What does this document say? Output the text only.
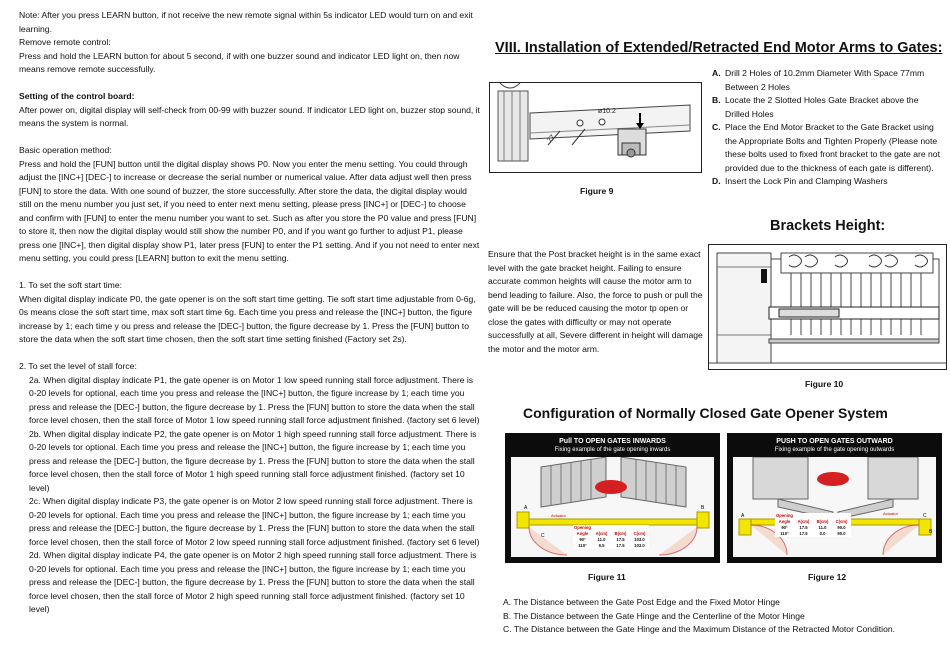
Note: After you press LEARN button, if not receive the new remote signal within 5s indicator LED would turn on and exit learning.

Remove remote control:

Press and hold the LEARN button for about 5 second, if with one buzzer sound and indicator LED light on, then now means remove remote successfully.

Setting of the control board:

After power on, digital display will self-check from 00-99 with buzzer sound. If indicator LED light on, buzzer stop sound, it means the system is normal.

Basic operation method:

Press and hold the [FUN] button until the digital display shows P0. Now you enter the menu setting. You could through adjust the [INC+] [DEC-] to increase or decrease the serial number or numerical value. After data adjust well then press [FUN] to store the data. With one sound of buzzer, the store successfully. After store the data, the digital display would still on the menu number you just set, if you need to enter next menu setting, please press [INC+] or [DEC-] to choose and confirm with [FUN] to enter the menu number you want to set. Such as after you store the P0 value and press [FUN] to store it, then now the digital display would still show the number P0, and if you want go further to adjust P1, please press one [INC+], then digital display show P1, later press [FUN] to enter the P1 setting. And if you not need to enter next menu setting, you could press [LEARN] button to exit the menu setting.

1. To set the soft start time:

When digital display indicate P0, the gate opener is on the soft start time getting. Tie soft start time adjustable from 0-6g, 0s means close the soft start time, max soft start time 6g. Each time you press and release the [INC+] button, the figure increase by 1; each time y ou press and release the [DEC-] button, the figure decrease by 1. Press the [FUN] button to store the data when the soft start time chosen, then the soft start time setting finished (Factory set 2s).

2. To set the level of stall force:

2a. When digital display indicate P1, the gate opener is on Motor 1 low speed running stall force adjustment. There is 0-20 levels for optional, each time you press and release the [INC+] button, the figure increase by 1; each time you press and release the [DEC-] button, the figure decrease by 1. Press the [FUN] button to store the data when the stall force level chosen, then the stall force of Motor 1 low speed running stall force adjustment finished. (factory set 6 level)

2b. When digital display indicate P2, the gate opener is on Motor 1 high speed running stall force adjustment. There is 0-20 levels tor optional. Each time you press and release the [INC+] button, the figure increase by 1; each time you press and release the [DEC-] button, the figure decrease by 1. Press the [FUN] button to store the data when the stall force level chosen, then the stall force of Motor 1 high speed running stall force adjustment finished. (factory set 10 level)

2c. When digital display indicate P3, the gate opener is on Motor 2 low speed running stall force adjustment. There is 0-20 levels for optional. Each time you press and release the [INC+] button, the figure increase by 1; each time you press and release the [DEC-] button, the figure decrease by 1. Press the [FUN] button to store the data when the stall force level chosen, then the stall force of Motor 2 low speed running stall force adjustment finished. (factory set 6 level)

2d. When digital display indicate P4, the gate opener is on Motor 2 high speed running stall force adjustment. There is 0-20 levels for optional. Each time you press and release the [INC+] button, the figure increase by 1; each time you press and release the [DEC-] button, the figure decrease by 1. Press the [FUN] button to store the data when the stall force level chosen, then the stall force of Motor 2 high speed running stall force adjustment finished. (factory set 10 level)

VIII. Installation of Extended/Retracted End Motor Arms to Gates:
ø10.2
77
Figure 9
A. Drill 2 Holes of 10.2mm Diameter With Space 77mm Between 2 Holes
B. Locate the 2 Slotted Holes Gate Bracket above the Drilled Holes
C. Place the End Motor Bracket to the Gate Bracket using the Appropriate Bolts and Tighten Properly (Please note these bolts used to fixed front bracket to the gate are not provided due to the thickness of each gate is different).
D. Insert the Lock Pin and Clamping Washers
Brackets Height:
Ensure that the Post bracket height is in the same exact level with the gate bracket height. Failing to ensure accurate common heights will cause the motor arm to bend leading to failure. Also, the force to push or pull the gate will be be reduced causing the motor tp open or close the gates with difficulty or may not operate successfully at all, Severe different in height will damage the motor and the motor arm.
Figure 10
Configuration of Normally Closed Gate Opener System
Pull TO OPEN GATES INWARDS
Fixing example of the gate opening inwards
A	B
C
Actuator
Opening Angle A(cm) B(cm) C(cm)
90°	11.0	17.5 103.0
110°	9.5	17.5 103.0
Figure 11
PUSH TO OPEN GATES OUTWARD
Fixing example of the gate opening outwards
A
B
C
Actuator
Opening Angle A(cm) B(cm) C(cm)
90°	17.5	11.0	90.0
110°	17.5	0.0	90.0
Figure 12
A. The Distance between the Gate Post Edge and the Fixed Motor Hinge
B. The Distance between the Gate Hinge and the Centerline of the Motor Hinge
C. The Distance between the Gate Hinge and the Maximum Distance of the Retracted Motor Condition.
